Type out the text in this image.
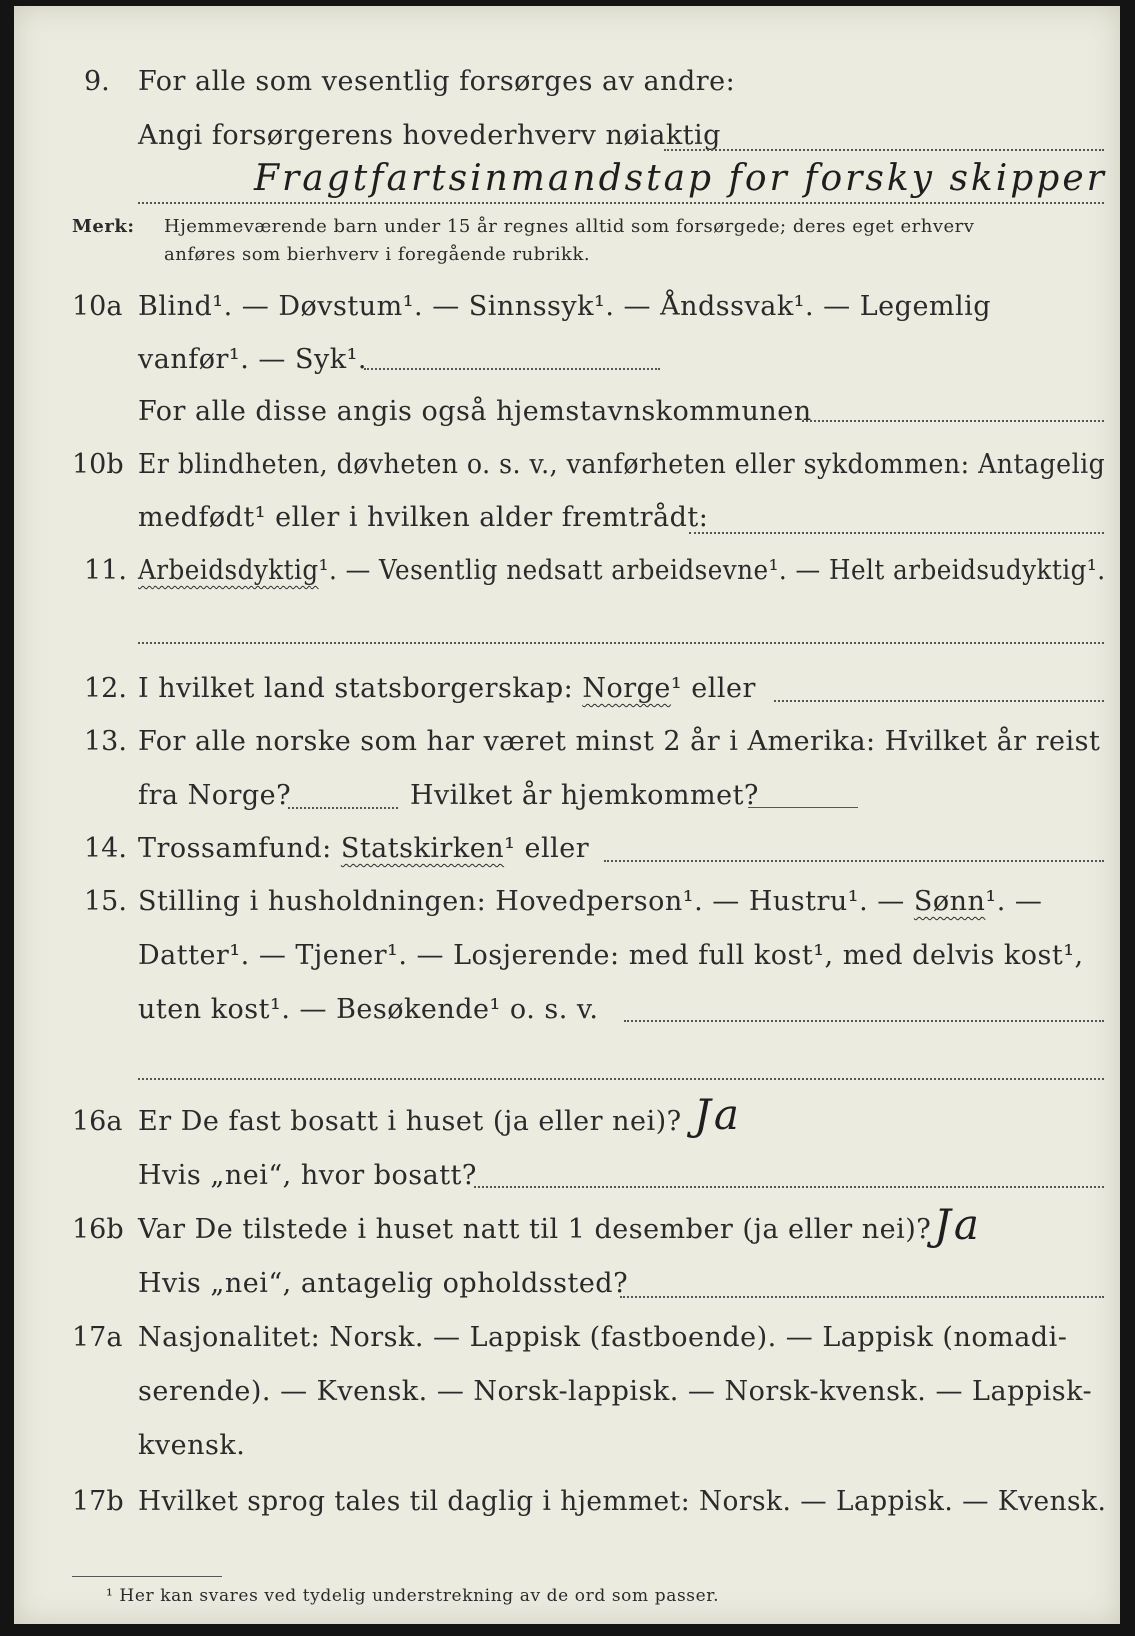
9. For alle som vesentlig forsørges av andre:
Angi forsørgerens hovederhverv nøiaktig
Fragtfartsinmandstap for forsky skipper
Merk: Hjemmeværende barn under 15 år regnes alltid som forsørgede; deres eget erhverv
anføres som bierhverv i foregående rubrikk.
10a Blind¹. — Døvstum¹. — Sinnssyk¹. — Åndssvak¹. — Legemlig
vanfør¹. — Syk¹.
For alle disse angis også hjemstavnskommunen
10b Er blindheten, døvheten o. s. v., vanførheten eller sykdommen: Antagelig
medfødt¹ eller i hvilken alder fremtrådt:
11. Arbeidsdyktig¹. — Vesentlig nedsatt arbeidsevne¹. — Helt arbeidsudyktig¹.
12. I hvilket land statsborgerskap: Norge¹ eller
13. For alle norske som har været minst 2 år i Amerika: Hvilket år reist
fra Norge?	Hvilket år hjemkommet?
14. Trossamfund: Statskirken¹ eller
15. Stilling i husholdningen: Hovedperson¹. — Hustru¹. — Sønn¹. —
Datter¹. — Tjener¹. — Losjerende: med full kost¹, med delvis kost¹,
uten kost¹. — Besøkende¹ o. s. v.
16a Er De fast bosatt i huset (ja eller nei)? Ja
Hvis „nei“, hvor bosatt?
16b Var De tilstede i huset natt til 1 desember (ja eller nei)? Ja
Hvis „nei“, antagelig opholdssted?
17a Nasjonalitet: Norsk. — Lappisk (fastboende). — Lappisk (nomadi-
serende). — Kvensk. — Norsk-lappisk. — Norsk-kvensk. — Lappisk-
kvensk.
17b Hvilket sprog tales til daglig i hjemmet: Norsk. — Lappisk. — Kvensk.
¹ Her kan svares ved tydelig understrekning av de ord som passer.
